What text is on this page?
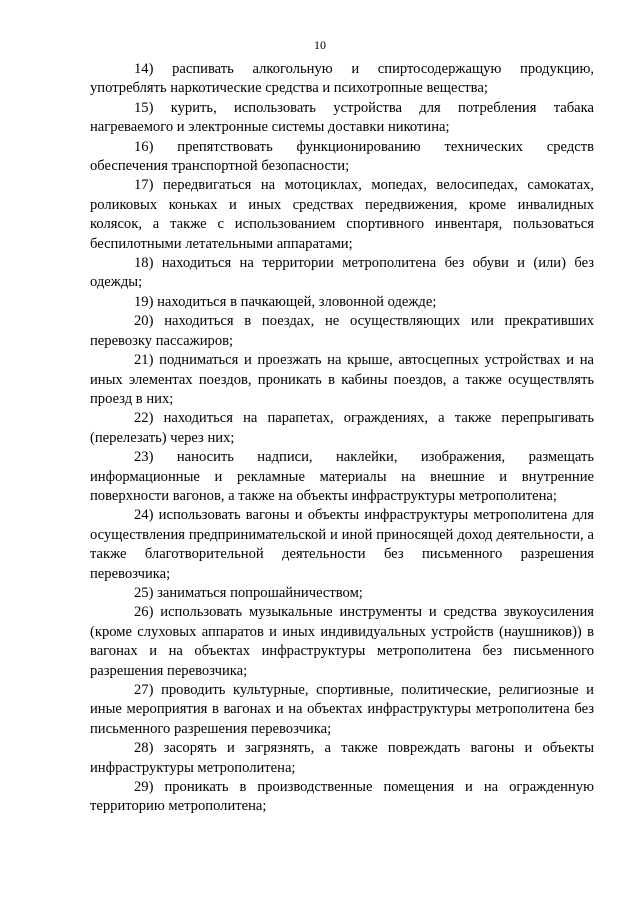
10

14) распивать алкогольную и спиртосодержащую продукцию, употреблять наркотические средства и психотропные вещества;

15) курить, использовать устройства для потребления табака нагреваемого и электронные системы доставки никотина;

16) препятствовать функционированию технических средств обеспечения транспортной безопасности;

17) передвигаться на мотоциклах, мопедах, велосипедах, самокатах, роликовых коньках и иных средствах передвижения, кроме инвалидных колясок, а также с использованием спортивного инвентаря, пользоваться беспилотными летательными аппаратами;

18) находиться на территории метрополитена без обуви и (или) без одежды;

19) находиться в пачкающей, зловонной одежде;

20) находиться в поездах, не осуществляющих или прекративших перевозку пассажиров;

21) подниматься и проезжать на крыше, автосцепных устройствах и на иных элементах поездов, проникать в кабины поездов, а также осуществлять проезд в них;

22) находиться на парапетах, ограждениях, а также перепрыгивать (перелезать) через них;

23) наносить надписи, наклейки, изображения, размещать информационные и рекламные материалы на внешние и внутренние поверхности вагонов, а также на объекты инфраструктуры метрополитена;

24) использовать вагоны и объекты инфраструктуры метрополитена для осуществления предпринимательской и иной приносящей доход деятельности, а также благотворительной деятельности без письменного разрешения перевозчика;

25) заниматься попрошайничеством;

26) использовать музыкальные инструменты и средства звукоусиления (кроме слуховых аппаратов и иных индивидуальных устройств (наушников)) в вагонах и на объектах инфраструктуры метрополитена без письменного разрешения перевозчика;

27) проводить культурные, спортивные, политические, религиозные и иные мероприятия в вагонах и на объектах инфраструктуры метрополитена без письменного разрешения перевозчика;

28) засорять и загрязнять, а также повреждать вагоны и объекты инфраструктуры метрополитена;

29) проникать в производственные помещения и на огражденную территорию метрополитена;
